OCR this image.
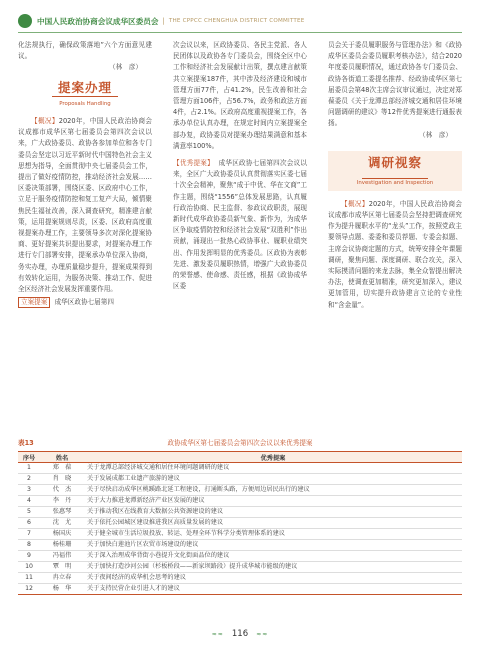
中国人民政治协商会议成华区委员会 | THE CPPCC CHENGHUA DISTRICT COMMITTEE

化法规执行，确保政策落地”六个方面意见建议。

（林　彦）

提案办理
Proposals Handling

【概况】2020年，中国人民政治协商会议成都市成华区第七届委员会第四次会议以来，广大政协委员、政协各参加单位和各专门委员会坚定以习近平新时代中国特色社会主义思想为指导，全面贯彻中央七届委员会工作，提出了做好疫情防控，推动经济社会发展……区委决策部署，围绕区委、区政府中心工作，立足于服务疫情防控和复工复产大局，倾情聚焦民生福祉改善，深入调查研究，精准建言献策，运用提案规则尽责，区委、区政府高度重视提案办理工作，主要领导多次对深化提案协商、更好提案共识提出要求，对提案办理工作进行专门部署安排，提案承办单位深入协商，务实办理，办理质量稳步提升，提案成果得到有效转化运用，为服务决策、推动工作、促进全区经济社会发展发挥重要作用。

立案提案 成华区政协七届第四

次会议以来，区政协委员、各民主党派、各人民团体以及政协各专门委员会，围绕全区中心工作和经济社会发展献计出策，撰点建言献策共立案提案187件，其中涉及经济建设和城市管理方面77件，占41.2%，民生改善和社会管理方面106件，占56.7%，政务和政法方面4件，占2.1%。区政府高度重视提案工作，各承办单位认真办理，在规定时间内立案提案全部办复，政协委员对提案办理结果满意和基本满意率100%。

【优秀提案】 成华区政协七届第四次会议以来，全区广大政协委员认真贯彻落实区委七届十次全会精神，聚焦“成于中优、华在文商”工作主题，围绕“1556”总体发展思路，认真履行政治协商、民主监督、参政议政职责，展现新时代成华政协委员新气象、新作为，为成华区争取疫情防控和经济社会发展“双胜利”作出贡献，涌现出一批热心政协事业、履职业绩突出、作用发挥明显的优秀委员。区政协为表彰先进、激发委员履职热情，增强广大政协委员的荣誉感、使命感、责任感，根据《政协成华区委

员会关于委员履职服务与管理办法》和《政协成华区委员会委员履职考核办法》，结合2020年度委员履职情况，通过政协各专门委员会、政协各街道工委提名推荐、经政协成华区第七届委员会第48次主席会议审议通过，决定对郑葆委员《关于龙潭总部经济城交通和居住环境问题调研的建议》等12件优秀提案进行通报表扬。

（林　彦）

调研视察
Investigation and Inspection

【概况】2020年，中国人民政治协商会议成都市成华区第七届委员会坚持把调查研究作为提升履职水平的“龙头”工作，按照党政主要领导点题、委委和委员荐题、专委会拟题、主席会议协商定题的方式，统筹安排全年课题调研，聚焦问题、深度调研、联合攻关，深入实际摸清问题的来龙去脉，集全众智提出解决办法，使调查更加精准，研究更加深入，建议更加管用，切实提升政协建言立论的专业性和“含金量”。

表13	政协成华区第七届委员会第四次会议以来优秀提案
序号	姓名	优秀提案
1	郑　葆	关于龙潭总部经济城交通和居住环境问题调研的建议
2	肖　晓	关于发展成都工业遗产旅游的建议
3	代　杰	关于尽快启动成华区桃蹊路北延工程建设，打通断头路，方便周边居民出行的建议
4	李　丹	关于大力推进龙潭新经济产业区发展的建议
5	张惠琴	关于推动我区在线教育大数据公共资源建设的建议
6	沈　尤	关于依托公园城区建设推进我区高质量发展的建议
7	杨国庆	关于健全城市生活垃圾投放、转运、处理全环节科学分类管理体系的建议
8	杨桂珊	关于加快白莲池片区农贸市场建设的建议
9	冯福伟	关于深入治理成华背街小巷提升文化街面品位的建议
10	覃　明	关于加快打造沙河公园（杉板桥段——新家坝路段）提升成华城市能级的建议
11	冉立春	关于夜间经济的成华机会思考的建议
12	杨　华	关于支持民营企业引进人才的建议
≈≈ 116 ≈≈
